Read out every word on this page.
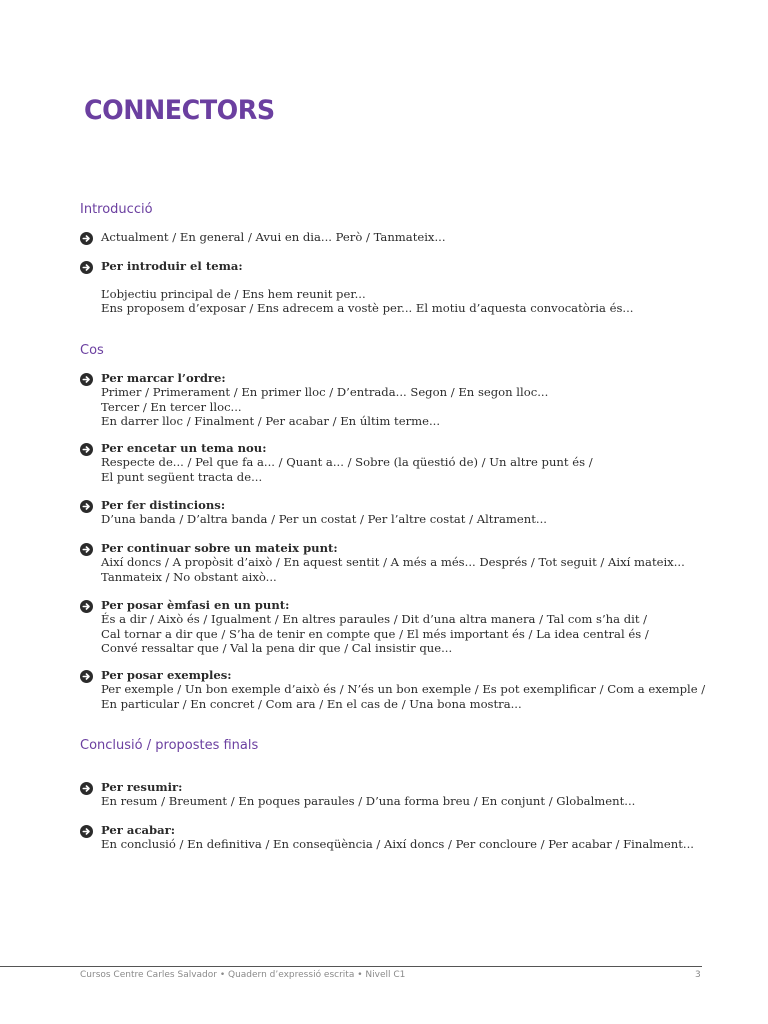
CONNECTORS
Introducció
Actualment / En general / Avui en dia... Però / Tanmateix...
Per introduir el tema:
L’objectiu principal de / Ens hem reunit per...
Ens proposem d’exposar / Ens adrecem a vostè per... El motiu d’aquesta convocatòria és...
Cos
Per marcar l’ordre:
Primer / Primerament / En primer lloc / D’entrada... Segon / En segon lloc...
Tercer / En tercer lloc...
En darrer lloc / Finalment / Per acabar / En últim terme...
Per encetar un tema nou:
Respecte de... / Pel que fa a... / Quant a... / Sobre (la qüestió de) / Un altre punt és /
El punt següent tracta de...
Per fer distincions:
D’una banda / D’altra banda / Per un costat / Per l’altre costat / Altrament...
Per continuar sobre un mateix punt:
Així doncs / A propòsit d’això / En aquest sentit / A més a més... Després / Tot seguit / Així mateix...
Tanmateix / No obstant això...
Per posar èmfasi en un punt:
És a dir / Això és / Igualment / En altres paraules / Dit d’una altra manera / Tal com s’ha dit /
Cal tornar a dir que / S’ha de tenir en compte que / El més important és / La idea central és /
Convé ressaltar que / Val la pena dir que / Cal insistir que...
Per posar exemples:
Per exemple / Un bon exemple d’això és / N’és un bon exemple / Es pot exemplificar / Com a exemple /
En particular / En concret / Com ara / En el cas de / Una bona mostra...
Conclusió / propostes finals
Per resumir:
En resum / Breument / En poques paraules / D’una forma breu / En conjunt / Globalment...
Per acabar:
En conclusió / En definitiva / En conseqüència / Així doncs / Per concloure / Per acabar / Finalment...
Cursos Centre Carles Salvador • Quadern d’expressió escrita • Nivell C1	3
